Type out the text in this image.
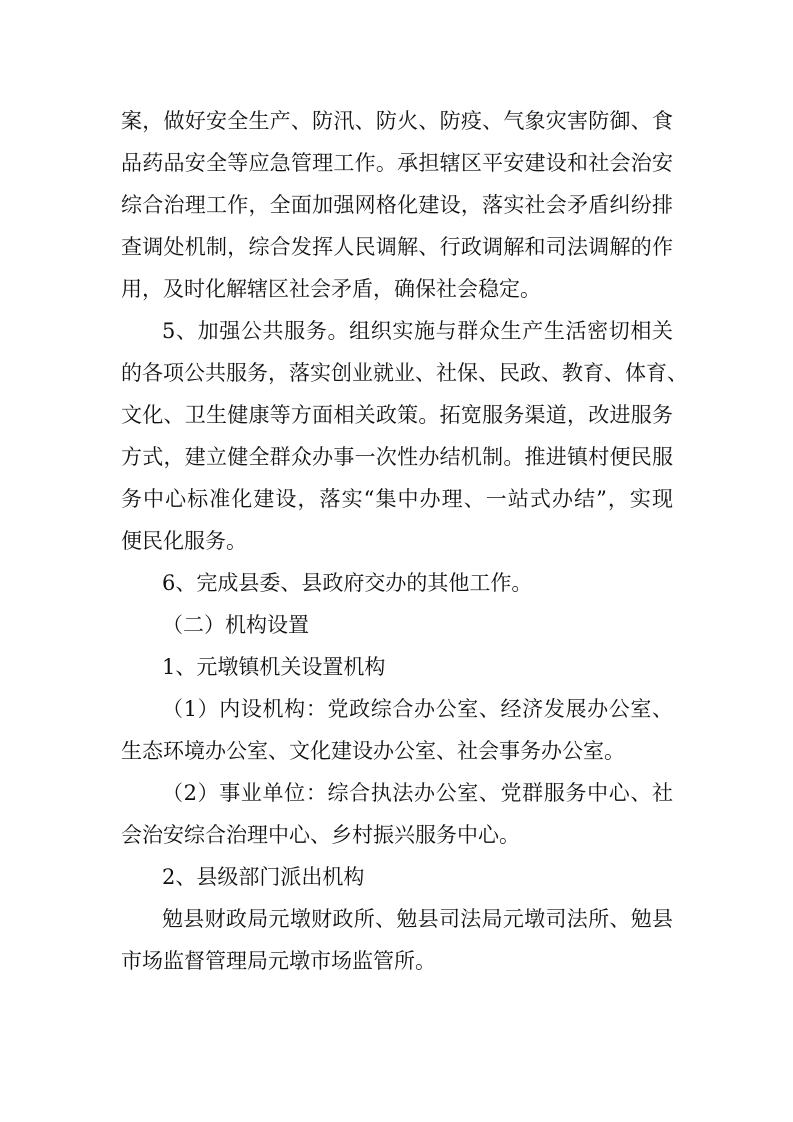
案，做好安全生产、防汛、防火、防疫、气象灾害防御、食
品药品安全等应急管理工作。承担辖区平安建设和社会治安
综合治理工作，全面加强网格化建设，落实社会矛盾纠纷排
查调处机制，综合发挥人民调解、行政调解和司法调解的作
用，及时化解辖区社会矛盾，确保社会稳定。
5、加强公共服务。组织实施与群众生产生活密切相关
的各项公共服务，落实创业就业、社保、民政、教育、体育、
文化、卫生健康等方面相关政策。拓宽服务渠道，改进服务
方式，建立健全群众办事一次性办结机制。推进镇村便民服
务中心标准化建设，落实“集中办理、一站式办结”，实现
便民化服务。
6、完成县委、县政府交办的其他工作。
（二）机构设置
1、元墩镇机关设置机构
（1）内设机构：党政综合办公室、经济发展办公室、
生态环境办公室、文化建设办公室、社会事务办公室。
（2）事业单位：综合执法办公室、党群服务中心、社
会治安综合治理中心、乡村振兴服务中心。
2、县级部门派出机构
勉县财政局元墩财政所、勉县司法局元墩司法所、勉县
市场监督管理局元墩市场监管所。
